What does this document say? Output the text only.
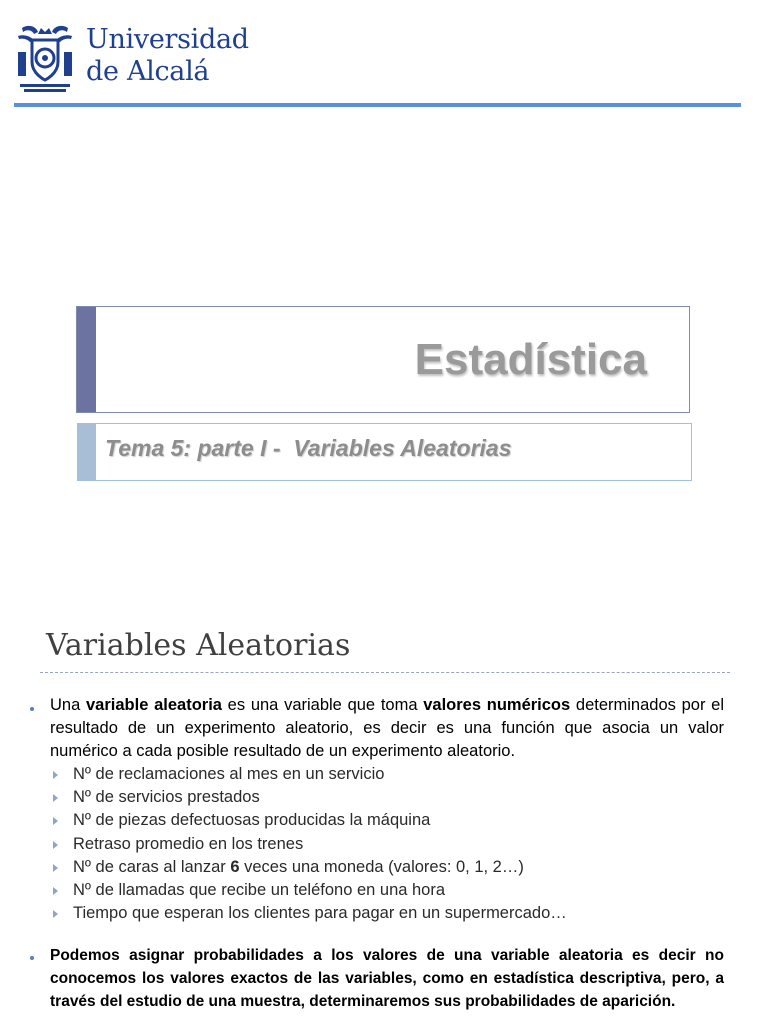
Universidad
de Alcalá
Estadística
Tema 5: parte I -  Variables Aleatorias
Variables Aleatorias
Una variable aleatoria es una variable que toma valores numéricos determinados por el resultado de un experimento aleatorio, es decir es una función que asocia un valor numérico a cada posible resultado de un experimento aleatorio.
Nº de reclamaciones al mes en un servicio
Nº de servicios prestados
Nº de piezas defectuosas producidas la máquina
Retraso promedio en los trenes
Nº de caras al lanzar 6 veces una moneda (valores: 0, 1, 2…)
Nº de llamadas que recibe un teléfono en una hora
Tiempo que esperan los clientes para pagar en un supermercado…
Podemos asignar probabilidades a los valores de una variable aleatoria es decir no conocemos los valores exactos de las variables, como en estadística descriptiva, pero, a través del estudio de una muestra, determinaremos sus probabilidades de aparición.
